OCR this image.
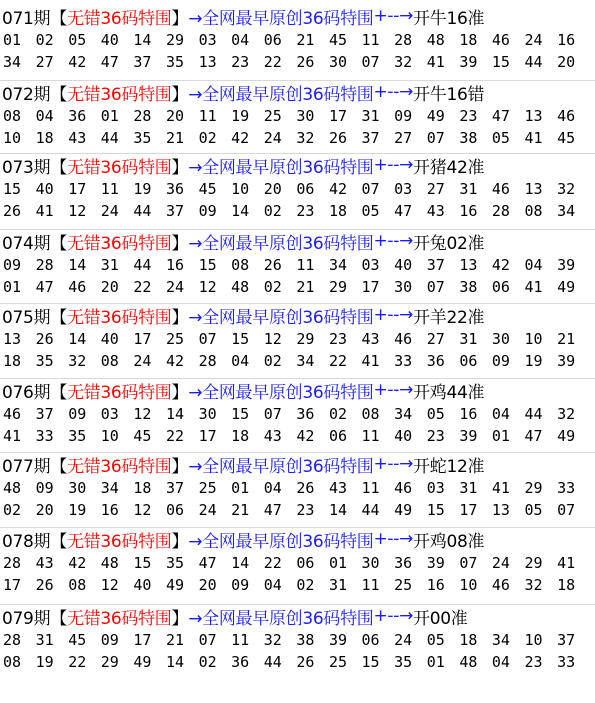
071期 【 无错36码特围 】 →全网最早原创36码特围 +--→ 开牛16准
01 02 05 40 14 29 03 04 06 21 45 11 28 48 18 46 24 16
34 27 42 47 37 35 13 23 22 26 30 07 32 41 39 15 44 20
072期 【 无错36码特围 】 →全网最早原创36码特围 +--→ 开牛16错
08 04 36 01 28 20 11 19 25 30 17 31 09 49 23 47 13 46
10 18 43 44 35 21 02 42 24 32 26 37 27 07 38 05 41 45
073期 【 无错36码特围 】 →全网最早原创36码特围 +--→ 开猪42准
15 40 17 11 19 36 45 10 20 06 42 07 03 27 31 46 13 32
26 41 12 24 44 37 09 14 02 23 18 05 47 43 16 28 08 34
074期 【 无错36码特围 】 →全网最早原创36码特围 +--→ 开兔02准
09 28 14 31 44 16 15 08 26 11 34 03 40 37 13 42 04 39
01 47 46 20 22 24 12 48 02 21 29 17 30 07 38 06 41 49
075期 【 无错36码特围 】 →全网最早原创36码特围 +--→ 开羊22准
13 26 14 40 17 25 07 15 12 29 23 43 46 27 31 30 10 21
18 35 32 08 24 42 28 04 02 34 22 41 33 36 06 09 19 39
076期 【 无错36码特围 】 →全网最早原创36码特围 +--→ 开鸡44准
46 37 09 03 12 14 30 15 07 36 02 08 34 05 16 04 44 32
41 33 35 10 45 22 17 18 43 42 06 11 40 23 39 01 47 49
077期 【 无错36码特围 】 →全网最早原创36码特围 +--→ 开蛇12准
48 09 30 34 18 37 25 01 04 26 43 11 46 03 31 41 29 33
02 20 19 16 12 06 24 21 47 23 14 44 49 15 17 13 05 07
078期 【 无错36码特围 】 →全网最早原创36码特围 +--→ 开鸡08准
28 43 42 48 15 35 47 14 22 06 01 30 36 39 07 24 29 41
17 26 08 12 40 49 20 09 04 02 31 11 25 16 10 46 32 18
079期 【 无错36码特围 】 →全网最早原创36码特围 +--→ 开00准
28 31 45 09 17 21 07 11 32 38 39 06 24 05 18 34 10 37
08 19 22 29 49 14 02 36 44 26 25 15 35 01 48 04 23 33
